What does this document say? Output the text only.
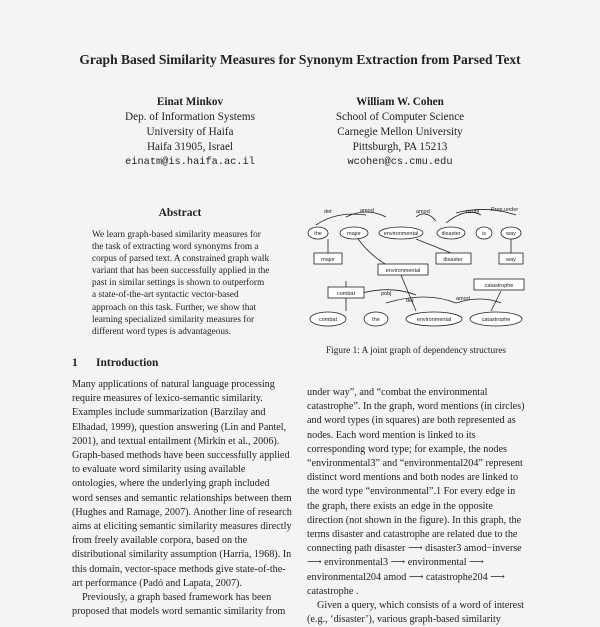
Graph Based Similarity Measures for Synonym Extraction from Parsed Text
Einat Minkov
Dep. of Information Systems
University of Haifa
Haifa 31905, Israel
einatm@is.haifa.ac.il
William W. Cohen
School of Computer Science
Carnegie Mellon University
Pittsburgh, PA 15213
wcohen@cs.cmu.edu
Abstract
We learn graph-based similarity measures for the task of extracting word synonyms from a corpus of parsed text. A constrained graph walk variant that has been successfully applied in the past in similar settings is shown to outperform a state-of-the-art syntactic vector-based approach on this task. Further, we show that learning specialized similarity measures for different word types is advantageous.
1 Introduction

Many applications of natural language processing require measures of lexico-semantic similarity. Examples include summarization (Barzilay and Elhadad, 1999), question answering (Lin and Pantel, 2001), and textual entailment (Mirkin et al., 2006). Graph-based methods have been successfully applied to evaluate word similarity using available ontologies, where the underlying graph included word senses and semantic relationships between them (Hughes and Ramage, 2007). Another line of research aims at eliciting semantic similarity measures directly from freely available corpora, based on the distributional similarity assumption (Harria, 1968). In this domain, vector-space methods give state-of-the-art performance (Padó and Lapata, 2007).

Previously, a graph based framework has been proposed that models word semantic similarity from

det	amod	amod	nsubj Prep.under
pobj
det	amod
the	major	environmental	disaster	is	way
major
environmental
disaster	way
combat
catastrophe
combat	the	environmental	catastrophe
Figure 1: A joint graph of dependency structures

under way”, and “combat the environmental catastrophe”. In the graph, word mentions (in circles) and word types (in squares) are both represented as nodes. Each word mention is linked to its corresponding word type; for example, the nodes “environmental3” and “environmental204” represent distinct word mentions and both nodes are linked to the word type “environmental”.1 For every edge in the graph, there exists an edge in the opposite direction (not shown in the figure). In this graph, the terms disaster and catastrophe are related due to the connecting path disaster ⟶ disaster3 amod−inverse ⟶ environmental3 ⟶ environmental ⟶ environmental204 amod ⟶ catastrophe204 ⟶ catastrophe .

Given a query, which consists of a word of interest (e.g., ‘disaster’), various graph-based similarity
